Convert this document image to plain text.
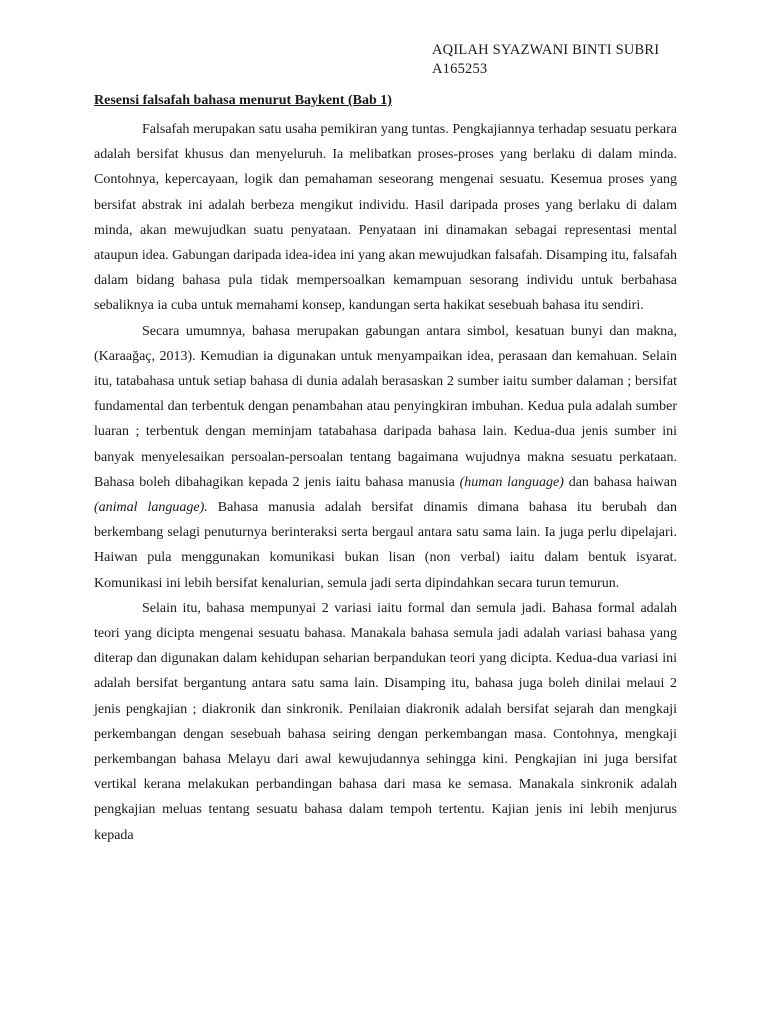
AQILAH SYAZWANI BINTI SUBRI
A165253
Resensi falsafah bahasa menurut Baykent (Bab 1)

Falsafah merupakan satu usaha pemikiran yang tuntas. Pengkajiannya terhadap sesuatu perkara adalah bersifat khusus dan menyeluruh. Ia melibatkan proses-proses yang berlaku di dalam minda. Contohnya, kepercayaan, logik dan pemahaman seseorang mengenai sesuatu. Kesemua proses yang bersifat abstrak ini adalah berbeza mengikut individu. Hasil daripada proses yang berlaku di dalam minda, akan mewujudkan suatu penyataan. Penyataan ini dinamakan sebagai representasi mental ataupun idea. Gabungan daripada idea-idea ini yang akan mewujudkan falsafah. Disamping itu, falsafah dalam bidang bahasa pula tidak mempersoalkan kemampuan sesorang individu untuk berbahasa sebaliknya ia cuba untuk memahami konsep, kandungan serta hakikat sesebuah bahasa itu sendiri.

Secara umumnya, bahasa merupakan gabungan antara simbol, kesatuan bunyi dan makna, (Karaağaç, 2013). Kemudian ia digunakan untuk menyampaikan idea, perasaan dan kemahuan. Selain itu, tatabahasa untuk setiap bahasa di dunia adalah berasaskan 2 sumber iaitu sumber dalaman ; bersifat fundamental dan terbentuk dengan penambahan atau penyingkiran imbuhan. Kedua pula adalah sumber luaran ; terbentuk dengan meminjam tatabahasa daripada bahasa lain. Kedua-dua jenis sumber ini banyak menyelesaikan persoalan-persoalan tentang bagaimana wujudnya makna sesuatu perkataan. Bahasa boleh dibahagikan kepada 2 jenis iaitu bahasa manusia (human language) dan bahasa haiwan (animal language). Bahasa manusia adalah bersifat dinamis dimana bahasa itu berubah dan berkembang selagi penuturnya berinteraksi serta bergaul antara satu sama lain. Ia juga perlu dipelajari. Haiwan pula menggunakan komunikasi bukan lisan (non verbal) iaitu dalam bentuk isyarat. Komunikasi ini lebih bersifat kenalurian, semula jadi serta dipindahkan secara turun temurun.

Selain itu, bahasa mempunyai 2 variasi iaitu formal dan semula jadi. Bahasa formal adalah teori yang dicipta mengenai sesuatu bahasa. Manakala bahasa semula jadi adalah variasi bahasa yang diterap dan digunakan dalam kehidupan seharian berpandukan teori yang dicipta. Kedua-dua variasi ini adalah bersifat bergantung antara satu sama lain. Disamping itu, bahasa juga boleh dinilai melaui 2 jenis pengkajian ; diakronik dan sinkronik. Penilaian diakronik adalah bersifat sejarah dan mengkaji perkembangan dengan sesebuah bahasa seiring dengan perkembangan masa. Contohnya, mengkaji perkembangan bahasa Melayu dari awal kewujudannya sehingga kini. Pengkajian ini juga bersifat vertikal kerana melakukan perbandingan bahasa dari masa ke semasa. Manakala sinkronik adalah pengkajian meluas tentang sesuatu bahasa dalam tempoh tertentu. Kajian jenis ini lebih menjurus kepada
